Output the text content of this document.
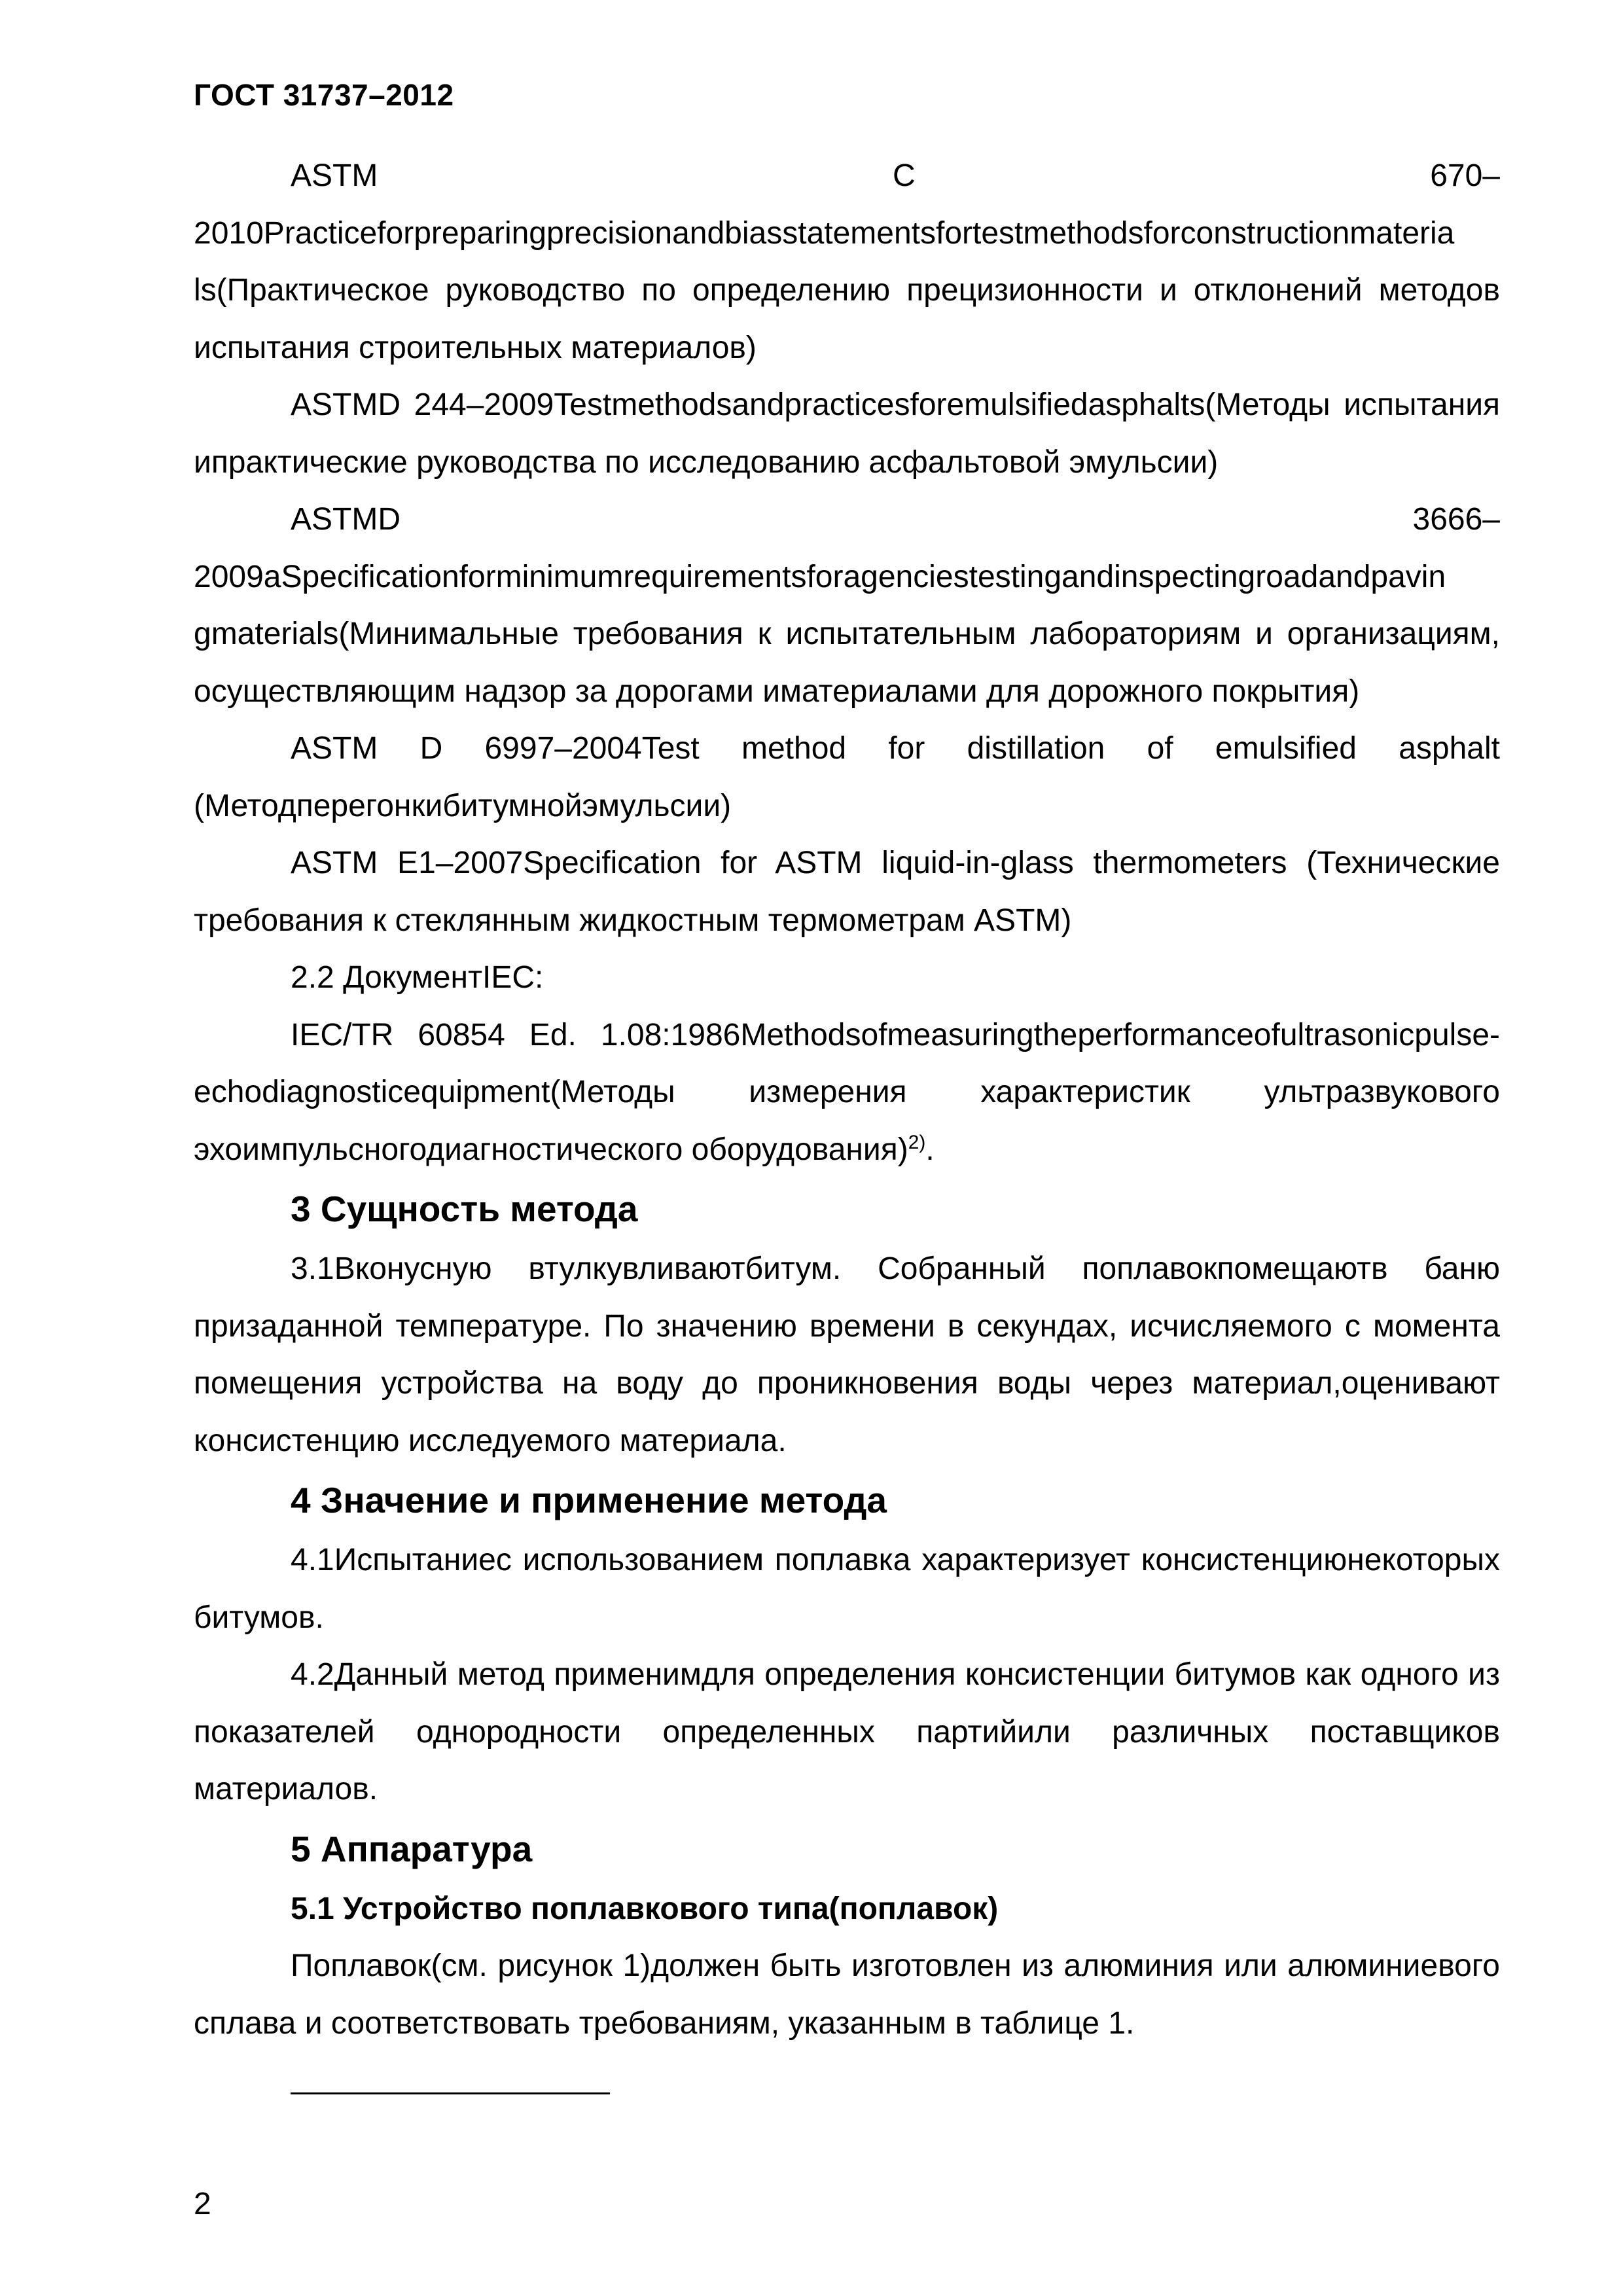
ГОСТ 31737–2012
ASTM	C	670–
2010Practiceforpreparingprecisionandbiasstatementsfortestmethodsforconstructionmateria

ls(Практическое руководство по определению прецизионности и отклонений методов испытания строительных материалов)

ASTMD 244–2009Testmethodsandpracticesforemulsifiedasphalts(Методы испытания ипрактические руководства по исследованию асфальтовой эмульсии)

ASTMD	3666–
2009aSpecificationforminimumrequirementsforagenciestestingandinspectingroadandpavin

gmaterials(Минимальные требования к испытательным лабораториям и организациям, осуществляющим надзор за дорогами иматериалами для дорожного покрытия)

ASTM D 6997–2004Test method for distillation of emulsified asphalt (Методперегонкибитумнойэмульсии)

ASTM E1–2007Specification for ASTM liquid-in-glass thermometers (Технические требования к стеклянным жидкостным термометрам ASTM)

2.2 ДокументIEC:

IEC/TR 60854 Ed. 1.08:1986Methodsofmeasuringtheperformanceofultrasonicpulse-echodiagnosticequipment(Методы измерения характеристик ультразвукового эхоимпульсногодиагностического оборудования)$^{2)}$.

3 Сущность метода

3.1Вконусную втулкувливаютбитум. Собранный поплавокпомещаютв баню призаданной температуре. По значению времени в секундах, исчисляемого с момента помещения устройства на воду до проникновения воды через материал,оценивают консистенцию исследуемого материала.

4 Значение и применение метода

4.1Испытаниес использованием поплавка характеризует консистенциюнекоторых битумов.

4.2Данный метод применимдля определения консистенции битумов как одного из показателей однородности определенных партийили различных поставщиков материалов.

5 Аппаратура
5.1 Устройство поплавкового типа(поплавок)

Поплавок(см. рисунок 1)должен быть изготовлен из алюминия или алюминиевого сплава и соответствовать требованиям, указанным в таблице 1.

2
